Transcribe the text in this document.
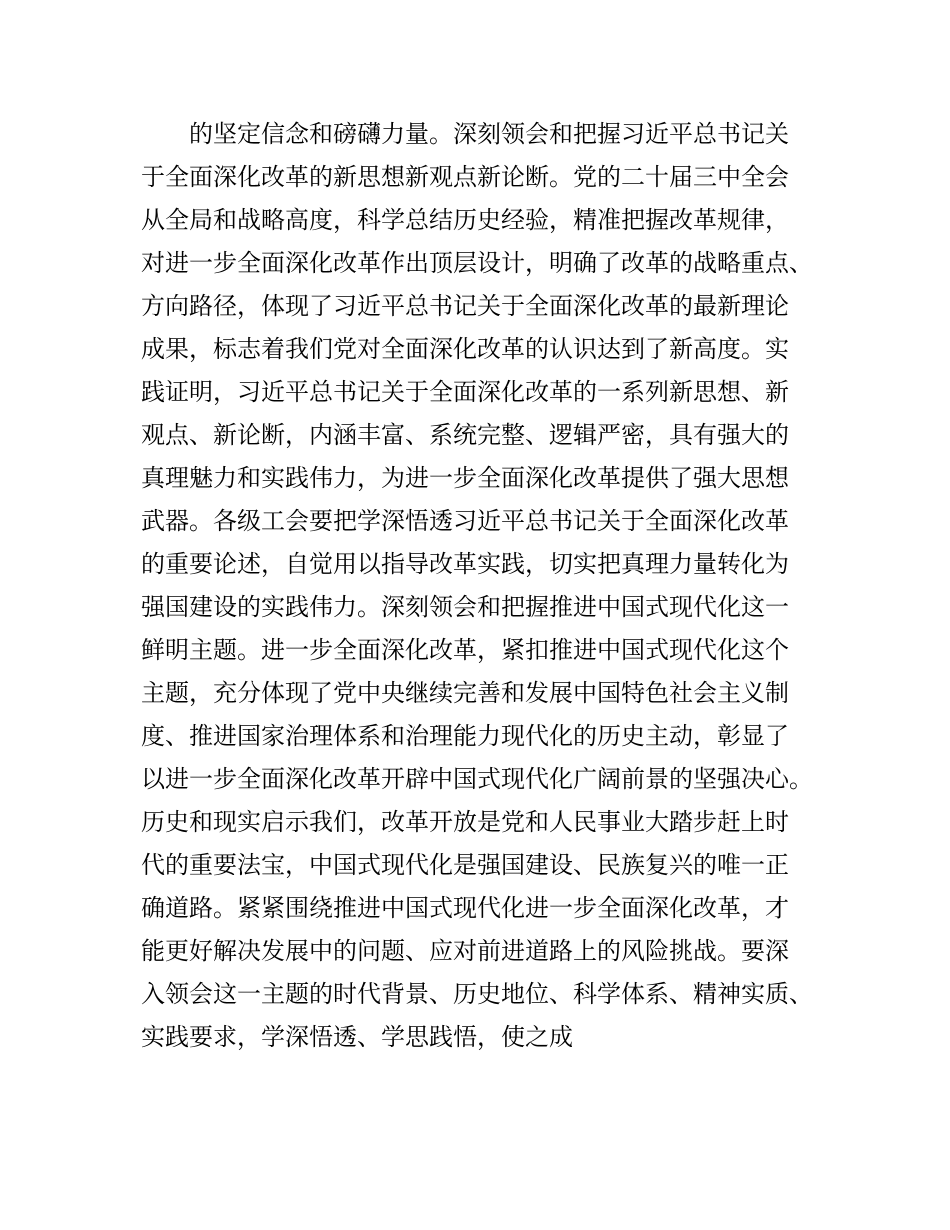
的坚定信念和磅礴力量。深刻领会和把握习近平总书记关
于全面深化改革的新思想新观点新论断。党的二十届三中全会
从全局和战略高度，科学总结历史经验，精准把握改革规律，
对进一步全面深化改革作出顶层设计，明确了改革的战略重点、
方向路径，体现了习近平总书记关于全面深化改革的最新理论
成果，标志着我们党对全面深化改革的认识达到了新高度。实
践证明，习近平总书记关于全面深化改革的一系列新思想、新
观点、新论断，内涵丰富、系统完整、逻辑严密，具有强大的
真理魅力和实践伟力，为进一步全面深化改革提供了强大思想
武器。各级工会要把学深悟透习近平总书记关于全面深化改革
的重要论述，自觉用以指导改革实践，切实把真理力量转化为
强国建设的实践伟力。深刻领会和把握推进中国式现代化这一
鲜明主题。进一步全面深化改革，紧扣推进中国式现代化这个
主题，充分体现了党中央继续完善和发展中国特色社会主义制
度、推进国家治理体系和治理能力现代化的历史主动，彰显了
以进一步全面深化改革开辟中国式现代化广阔前景的坚强决心。
历史和现实启示我们，改革开放是党和人民事业大踏步赶上时
代的重要法宝，中国式现代化是强国建设、民族复兴的唯一正
确道路。紧紧围绕推进中国式现代化进一步全面深化改革，才
能更好解决发展中的问题、应对前进道路上的风险挑战。要深
入领会这一主题的时代背景、历史地位、科学体系、精神实质、
实践要求，学深悟透、学思践悟，使之成
